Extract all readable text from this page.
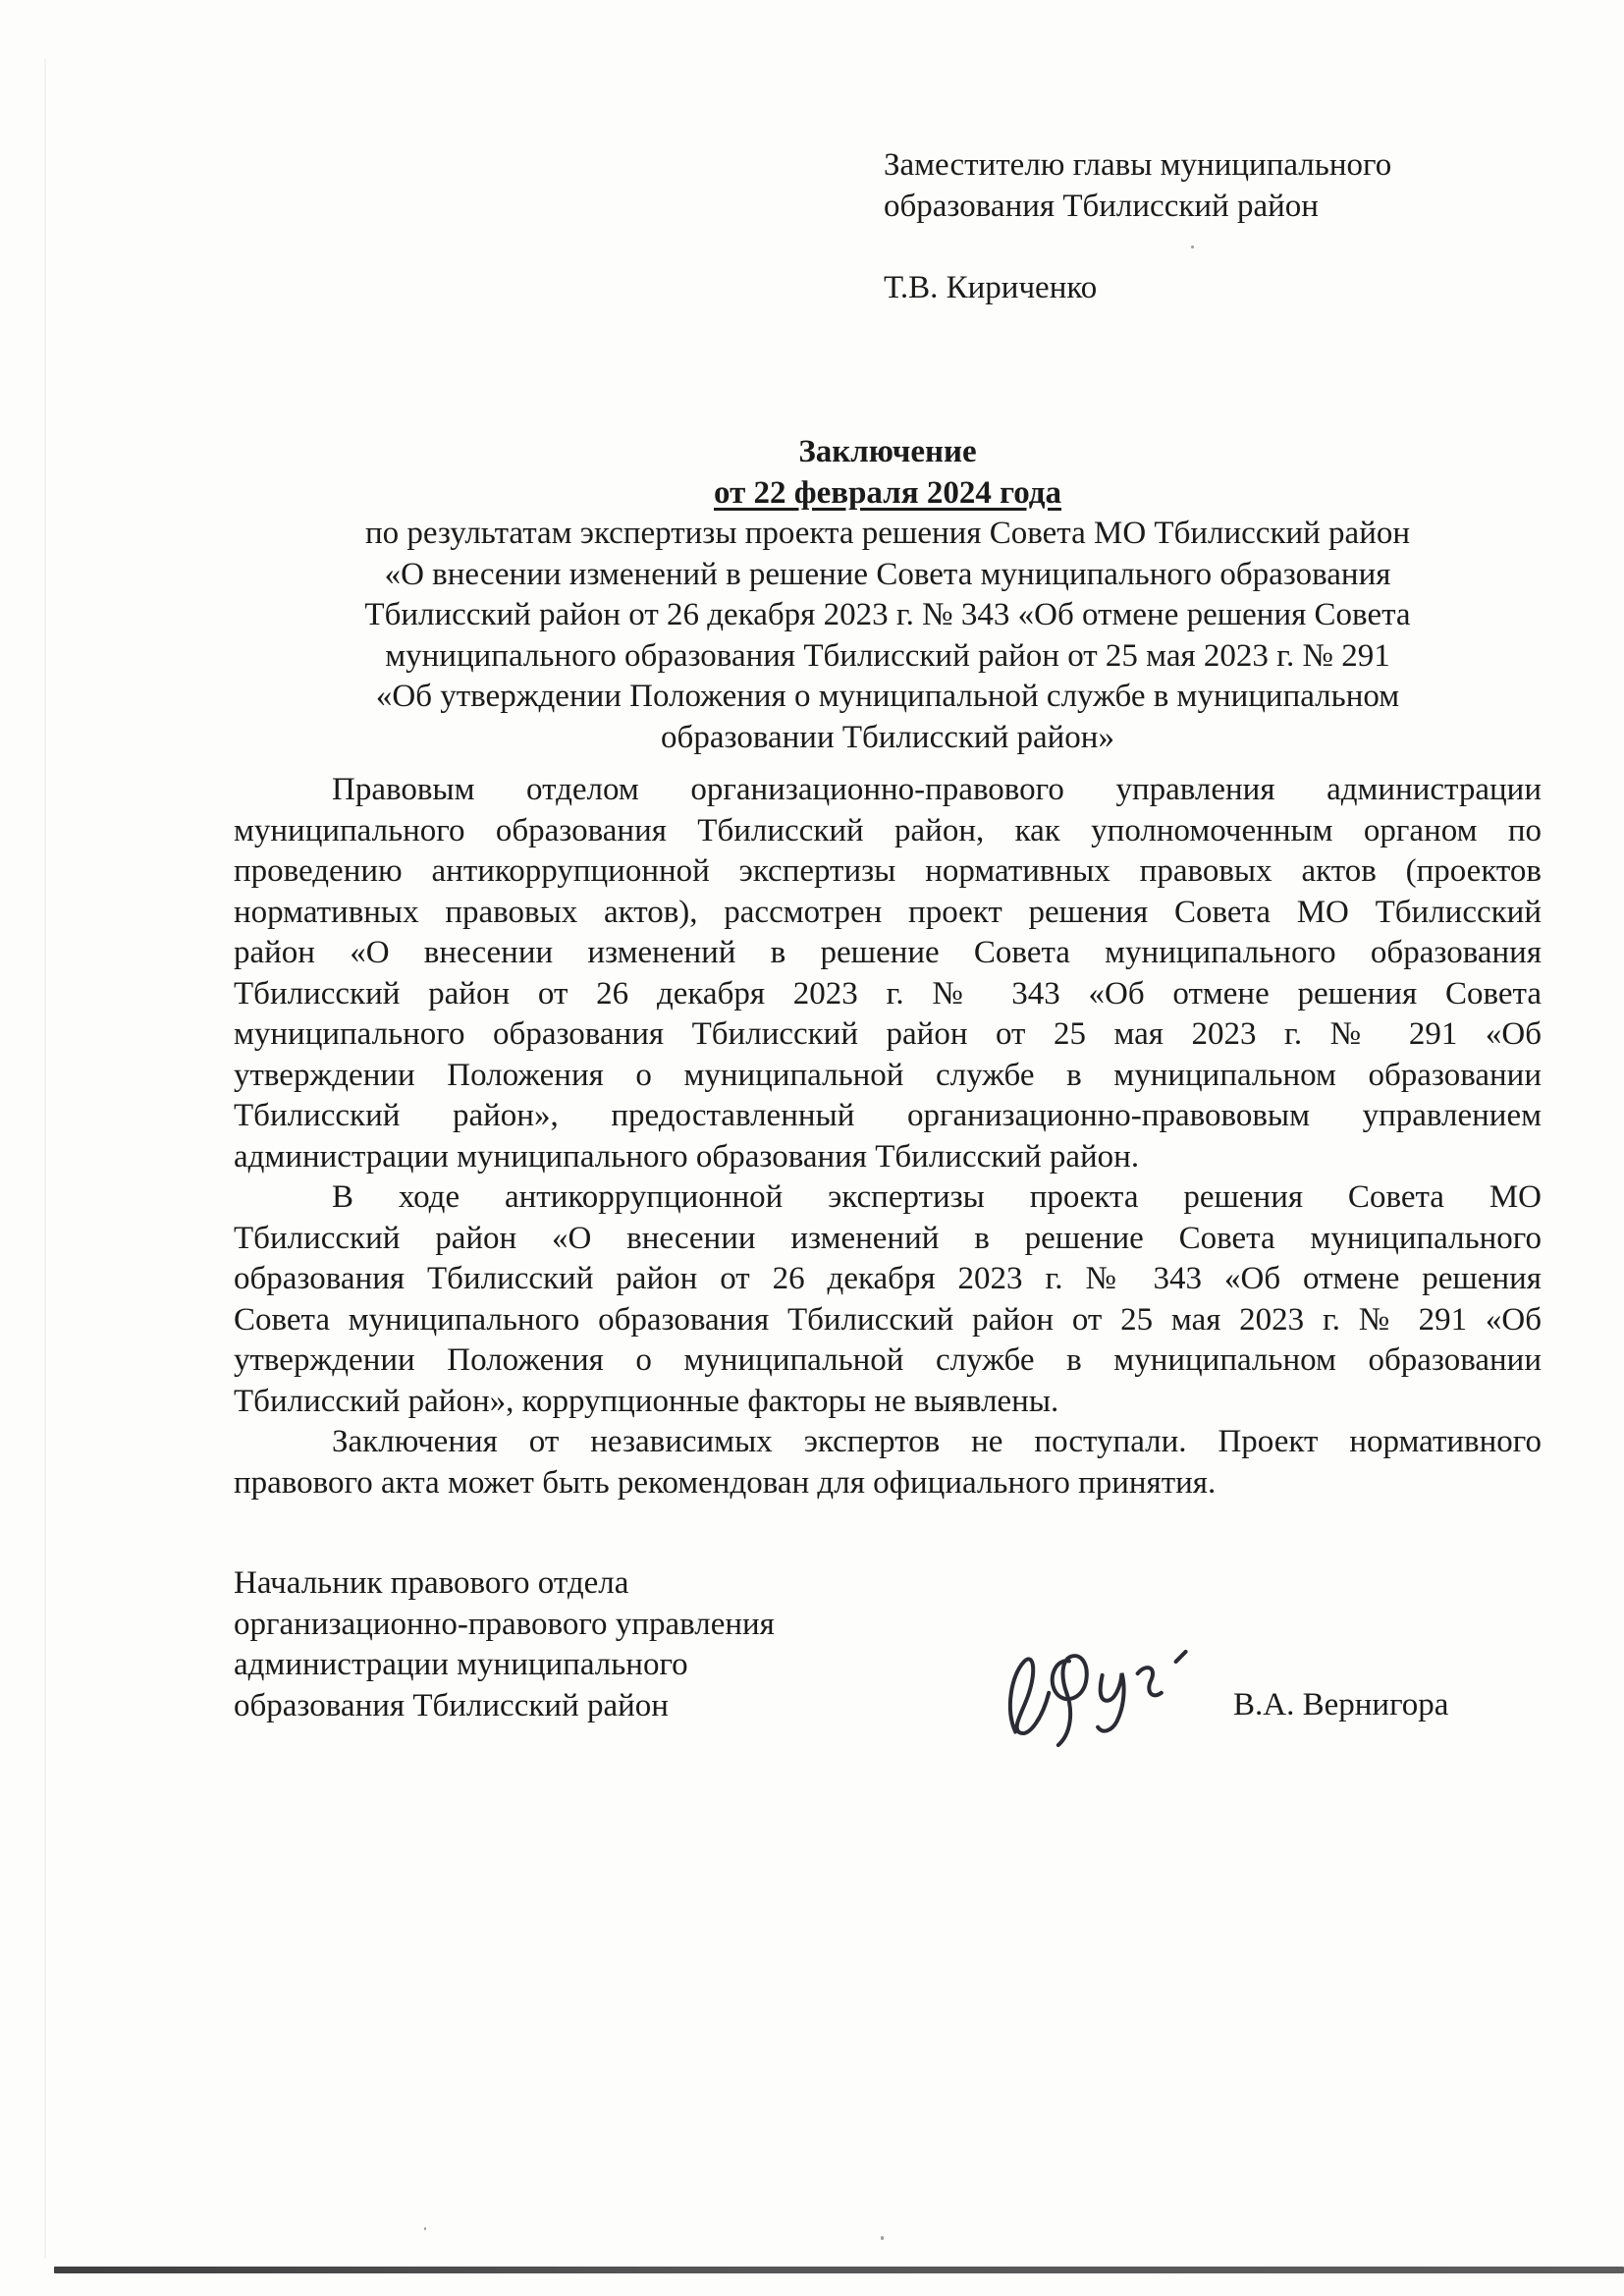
Заместителю главы муниципального
образования Тбилисский район
Т.В. Кириченко
Заключение
от 22 февраля 2024 года
по результатам экспертизы проекта решения Совета МО Тбилисский район
«О внесении изменений в решение Совета муниципального образования
Тбилисский район от 26 декабря 2023 г. № 343 «Об отмене решения Совета
муниципального образования Тбилисский район от 25 мая 2023 г. № 291
«Об утверждении Положения о муниципальной службе в муниципальном
образовании Тбилисский район»
Правовым отделом организационно-правового управления администрации
муниципального образования Тбилисский район, как уполномоченным органом по
проведению антикоррупционной экспертизы нормативных правовых актов (проектов
нормативных правовых актов), рассмотрен проект решения Совета МО Тбилисский
район «О внесении изменений в решение Совета муниципального образования
Тбилисский район от 26 декабря 2023 г. № 343 «Об отмене решения Совета
муниципального образования Тбилисский район от 25 мая 2023 г. № 291 «Об
утверждении Положения о муниципальной службе в муниципальном образовании
Тбилисский район», предоставленный организационно-правововым управлением
администрации муниципального образования Тбилисский район.
В ходе антикоррупционной экспертизы проекта решения Совета МО
Тбилисский район «О внесении изменений в решение Совета муниципального
образования Тбилисский район от 26 декабря 2023 г. № 343 «Об отмене решения
Совета муниципального образования Тбилисский район от 25 мая 2023 г. № 291 «Об
утверждении Положения о муниципальной службе в муниципальном образовании
Тбилисский район», коррупционные факторы не выявлены.
Заключения от независимых экспертов не поступали. Проект нормативного
правового акта может быть рекомендован для официального принятия.
Начальник правового отдела
организационно-правового управления
администрации муниципального
образования Тбилисский район	В.А. Вернигора
